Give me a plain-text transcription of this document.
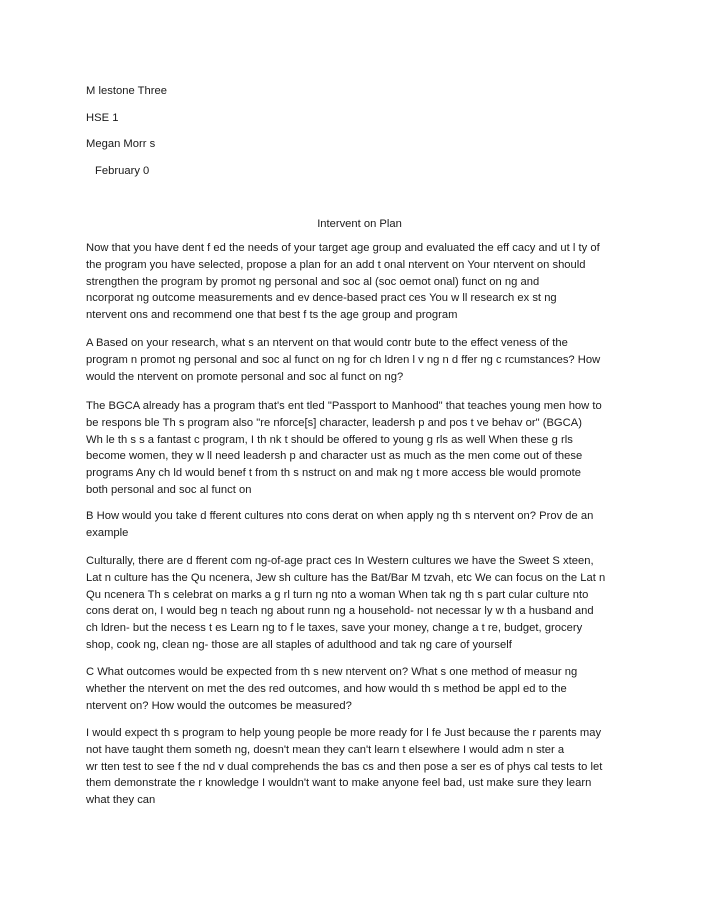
M lestone Three
HSE 1
Megan Morr s
February 0
Intervent on Plan
Now that you have dent f ed the needs of your target age group and evaluated the eff cacy and ut l ty of
the program you have selected, propose a plan for an add t onal ntervent on Your ntervent on should
strengthen the program by promot ng personal and soc al (soc oemot onal) funct on ng and
ncorporat ng outcome measurements and ev dence-based pract ces You w ll research ex st ng
ntervent ons and recommend one that best f ts the age group and program
A Based on your research, what s an ntervent on that would contr bute to the effect veness of the
program n promot ng personal and soc al funct on ng for ch ldren l v ng n d ffer ng c rcumstances? How
would the ntervent on promote personal and soc al funct on ng?
The BGCA already has a program that's ent tled "Passport to Manhood" that teaches young men how to
be respons ble Th s program also "re nforce[s] character, leadersh p and pos t ve behav or" (BGCA)
Wh le th s s a fantast c program, I th nk t should be offered to young g rls as well When these g rls
become women, they w ll need leadersh p and character ust as much as the men come out of these
programs Any ch ld would benef t from th s nstruct on and mak ng t more access ble would promote
both personal and soc al funct on
B How would you take d fferent cultures nto cons derat on when apply ng th s ntervent on? Prov de an
example
Culturally, there are d fferent com ng-of-age pract ces In Western cultures we have the Sweet S xteen,
Lat n culture has the Qu ncenera, Jew sh culture has the Bat/Bar M tzvah, etc We can focus on the Lat n
Qu ncenera Th s celebrat on marks a g rl turn ng nto a woman When tak ng th s part cular culture nto
cons derat on, I would beg n teach ng about runn ng a household- not necessar ly w th a husband and
ch ldren- but the necess t es Learn ng to f le taxes, save your money, change a t re, budget, grocery
shop, cook ng, clean ng- those are all staples of adulthood and tak ng care of yourself
C What outcomes would be expected from th s new ntervent on? What s one method of measur ng
whether the ntervent on met the des red outcomes, and how would th s method be appl ed to the
ntervent on? How would the outcomes be measured?
I would expect th s program to help young people be more ready for l fe Just because the r parents may
not have taught them someth ng, doesn't mean they can't learn t elsewhere I would adm n ster a
wr tten test to see f the nd v dual comprehends the bas cs and then pose a ser es of phys cal tests to let
them demonstrate the r knowledge I wouldn't want to make anyone feel bad, ust make sure they learn
what they can
